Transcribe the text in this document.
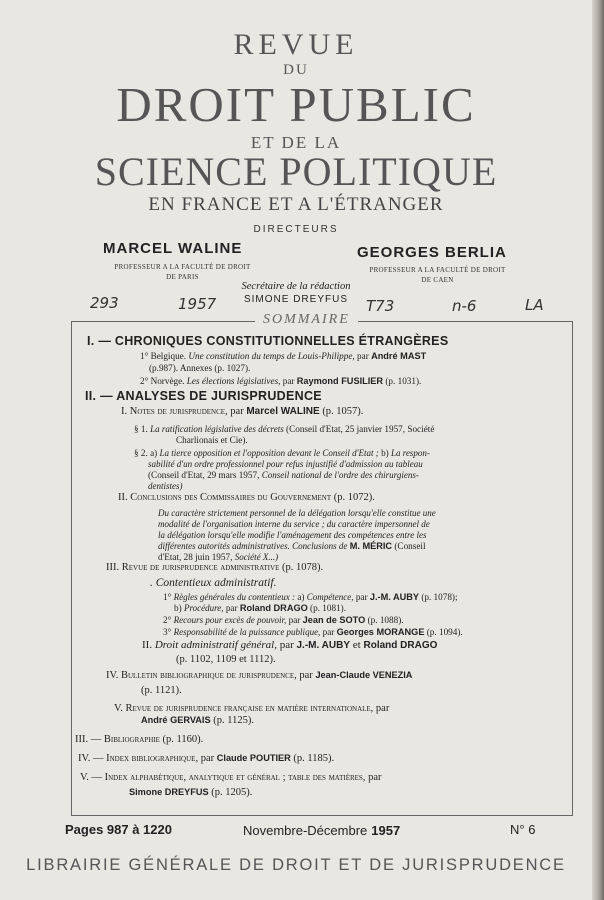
REVUE
DU
DROIT PUBLIC
ET DE LA
SCIENCE POLITIQUE
EN FRANCE ET A L'ÉTRANGER
DIRECTEURS
MARCEL WALINE
PROFESSEUR A LA FACULTÉ DE DROIT
DE PARIS
GEORGES BERLIA
PROFESSEUR A LA FACULTÉ DE DROIT
DE CAEN
Secrétaire de la rédaction
SIMONE DREYFUS
293	1957	T73	n-6	LA
SOMMAIRE
I. — CHRONIQUES CONSTITUTIONNELLES ÉTRANGÈRES
1° Belgique. Une constitution du temps de Louis-Philippe, par André MAST
(p.987). Annexes (p. 1027).
2° Norvège. Les élections législatives, par Raymond FUSILIER (p. 1031).
II. — ANALYSES DE JURISPRUDENCE
I. Notes de jurisprudence, par Marcel WALINE (p. 1057).
§ 1. La ratification législative des décrets (Conseil d'Etat, 25 janvier 1957, Société
Charlionais et Cie).
§ 2. a) La tierce opposition et l'opposition devant le Conseil d'Etat ; b) La respon-
sabilité d'un ordre professionnel pour refus injustifié d'admission au tableau
(Conseil d'Etat, 29 mars 1957, Conseil national de l'ordre des chirurgiens-
dentistes)
II. Conclusions des Commissaires du Gouvernement (p. 1072).
Du caractère strictement personnel de la délégation lorsqu'elle constitue une
modalité de l'organisation interne du service ; du caractère impersonnel de
la délégation lorsqu'elle modifie l'aménagement des compétences entre les
différentes autorités administratives. Conclusions de M. MÉRIC (Conseil
d'Etat, 28 juin 1957, Société X...)
III. Revue de jurisprudence administrative (p. 1078).
. Contentieux administratif.
1° Règles générales du contentieux : a) Compétence, par J.-M. AUBY (p. 1078);
b) Procédure, par Roland DRAGO (p. 1081).
2° Recours pour excès de pouvoir, par Jean de SOTO (p. 1088).
3° Responsabilité de la puissance publique, par Georges MORANGE (p. 1094).
II. Droit administratif général, par J.-M. AUBY et Roland DRAGO
(p. 1102, 1109 et 1112).
IV. Bulletin bibliographique de jurisprudence, par Jean-Claude VENEZIA
(p. 1121).
V. Revue de jurisprudence française en matière internationale, par
André GERVAIS (p. 1125).
III. — Bibliographie (p. 1160).
IV. — Index bibliographique, par Claude POUTIER (p. 1185).
V. — Index alphabétique, analytique et général ; table des matières, par
Simone DREYFUS (p. 1205).
Pages 987 à 1220	Novembre-Décembre 1957	N° 6
LIBRAIRIE GÉNÉRALE DE DROIT ET DE JURISPRUDENCE
